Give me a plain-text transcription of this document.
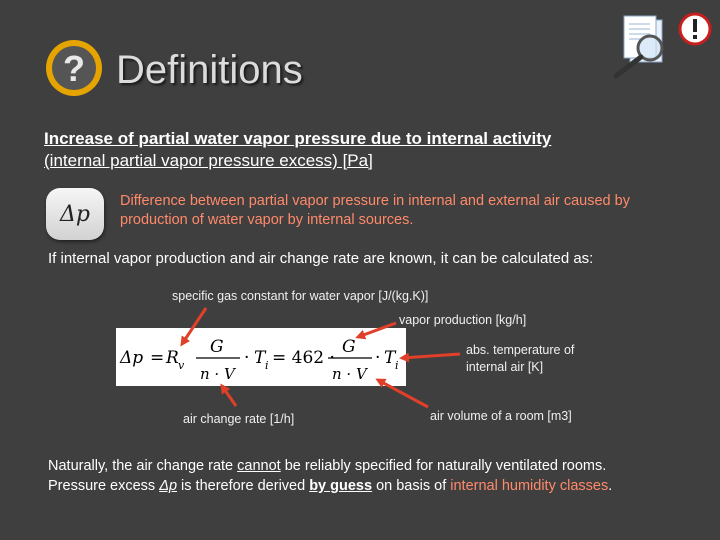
? Definitions
Increase of partial water vapor pressure due to internal activity
(internal partial vapor pressure excess) [Pa]
Δp
Difference between partial vapor pressure in internal and external air caused by production of water vapor by internal sources.
If internal vapor production and air change rate are known, it can be calculated as:
specific gas constant for water vapor [J/(kg.K)]
vapor production [kg/h]
abs. temperature of
internal air [K]
air change rate [1/h]	air volume of a room [m3]
Δp = R v
G
n · V
· T i = 462 ·
G
n · V
· T i
Naturally, the air change rate cannot be reliably specified for naturally ventilated rooms.
Pressure excess Δp is therefore derived by guess on basis of internal humidity classes.
